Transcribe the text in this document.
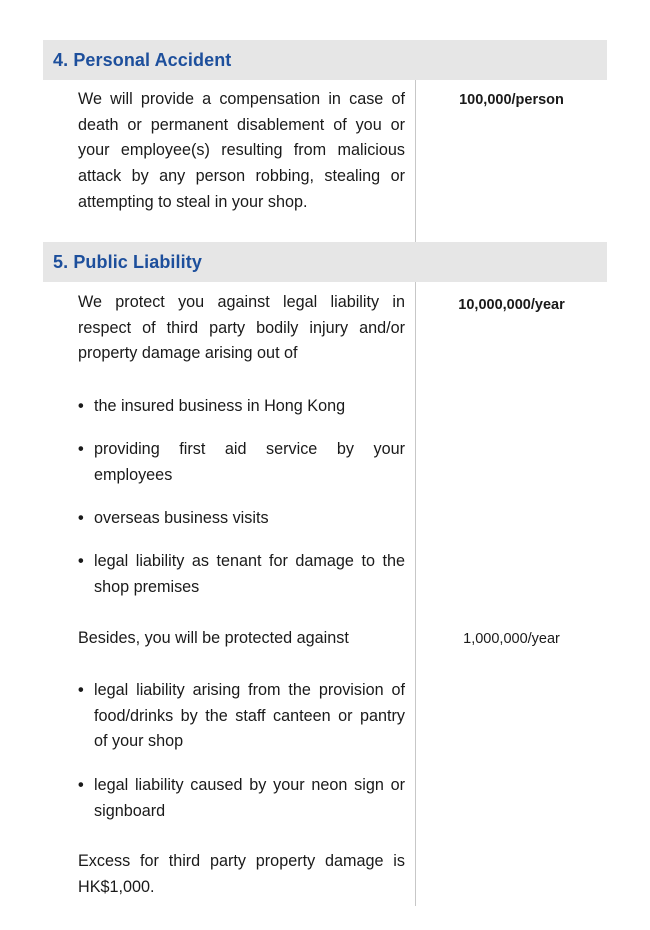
4. Personal Accident

We will provide a compensation in case of death or permanent disablement of you or your employee(s) resulting from malicious attack by any person robbing, stealing or attempting to steal in your shop.

100,000/person
5. Public Liability

We protect you against legal liability in respect of third party bodily injury and/or property damage arising out of

10,000,000/year
• the insured business in Hong Kong
• providing first aid service by your employees
• overseas business visits
• legal liability as tenant for damage to the shop premises

Besides, you will be protected against	1,000,000/year
• legal liability arising from the provision of food/drinks by the staff canteen or pantry of your shop
• legal liability caused by your neon sign or signboard

Excess for third party property damage is HK$1,000.
